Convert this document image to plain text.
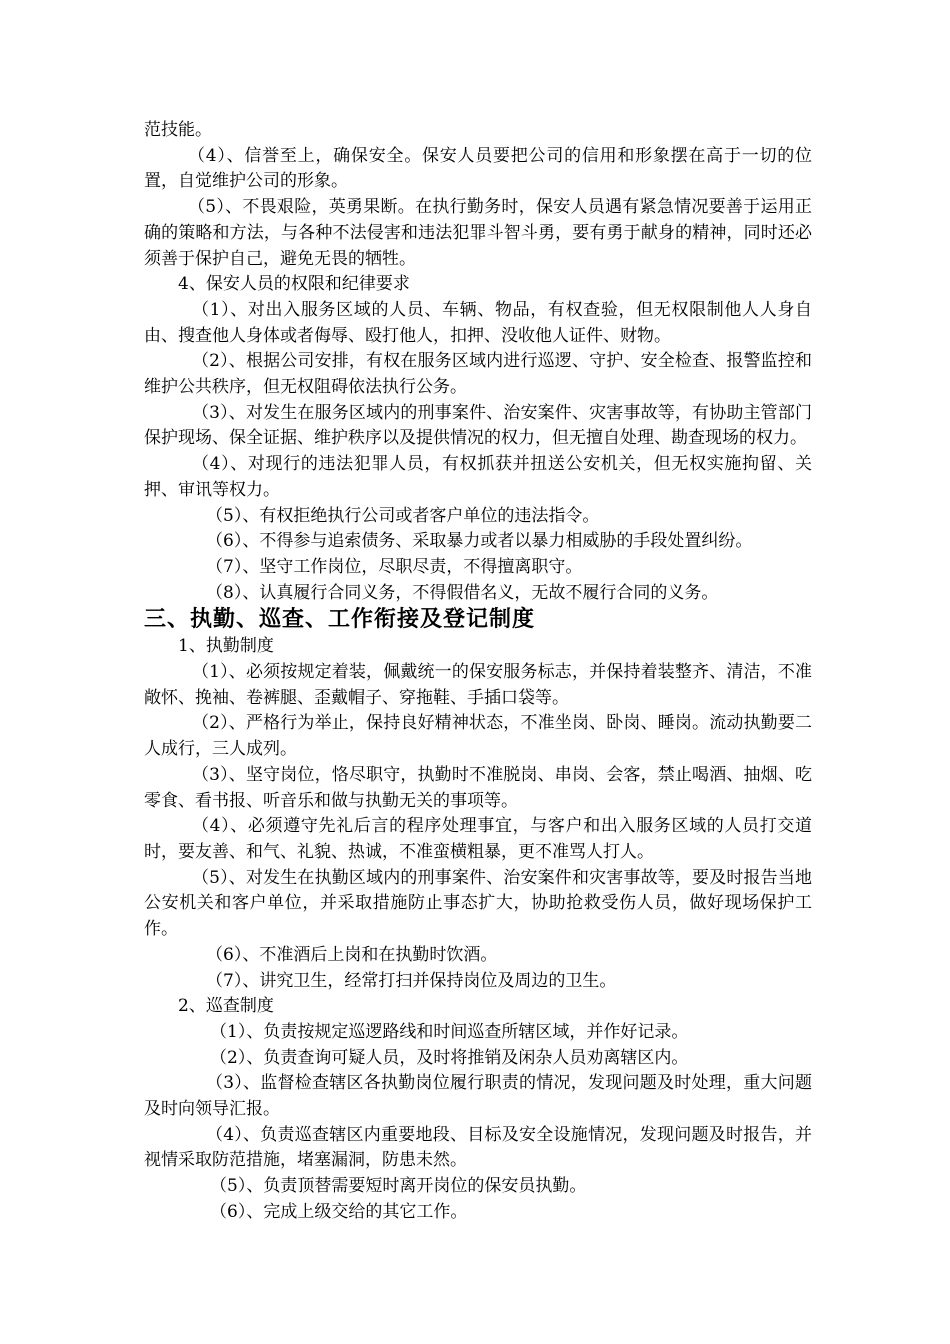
范技能。

（4）、信誉至上，确保安全。保安人员要把公司的信用和形象摆在高于一切的位置，自觉维护公司的形象。

（5）、不畏艰险，英勇果断。在执行勤务时，保安人员遇有紧急情况要善于运用正确的策略和方法，与各种不法侵害和违法犯罪斗智斗勇，要有勇于献身的精神，同时还必须善于保护自己，避免无畏的牺牲。

4、保安人员的权限和纪律要求

（1）、对出入服务区域的人员、车辆、物品，有权查验，但无权限制他人人身自由、搜查他人身体或者侮辱、殴打他人，扣押、没收他人证件、财物。

（2）、根据公司安排，有权在服务区域内进行巡逻、守护、安全检查、报警监控和维护公共秩序，但无权阻碍依法执行公务。

（3）、对发生在服务区域内的刑事案件、治安案件、灾害事故等，有协助主管部门保护现场、保全证据、维护秩序以及提供情况的权力，但无擅自处理、勘查现场的权力。

（4）、对现行的违法犯罪人员，有权抓获并扭送公安机关，但无权实施拘留、关押、审讯等权力。

（5）、有权拒绝执行公司或者客户单位的违法指令。

（6）、不得参与追索债务、采取暴力或者以暴力相威胁的手段处置纠纷。

（7）、坚守工作岗位，尽职尽责，不得擅离职守。

（8）、认真履行合同义务，不得假借名义，无故不履行合同的义务。

三、执勤、巡查、工作衔接及登记制度

1、执勤制度

（1）、必须按规定着装，佩戴统一的保安服务标志，并保持着装整齐、清洁，不准敞怀、挽袖、卷裤腿、歪戴帽子、穿拖鞋、手插口袋等。

（2）、严格行为举止，保持良好精神状态，不准坐岗、卧岗、睡岗。流动执勤要二人成行，三人成列。

（3）、坚守岗位，恪尽职守，执勤时不准脱岗、串岗、会客，禁止喝酒、抽烟、吃零食、看书报、听音乐和做与执勤无关的事项等。

（4）、必须遵守先礼后言的程序处理事宜，与客户和出入服务区域的人员打交道时，要友善、和气、礼貌、热诚，不准蛮横粗暴，更不准骂人打人。

（5）、对发生在执勤区域内的刑事案件、治安案件和灾害事故等，要及时报告当地公安机关和客户单位，并采取措施防止事态扩大，协助抢救受伤人员，做好现场保护工作。

（6）、不准酒后上岗和在执勤时饮酒。

（7）、讲究卫生，经常打扫并保持岗位及周边的卫生。

2、巡查制度

（1）、负责按规定巡逻路线和时间巡查所辖区域，并作好记录。

（2）、负责查询可疑人员，及时将推销及闲杂人员劝离辖区内。

（3）、监督检查辖区各执勤岗位履行职责的情况，发现问题及时处理，重大问题及时向领导汇报。

（4）、负责巡查辖区内重要地段、目标及安全设施情况，发现问题及时报告，并视情采取防范措施，堵塞漏洞，防患未然。

（5）、负责顶替需要短时离开岗位的保安员执勤。

（6）、完成上级交给的其它工作。
